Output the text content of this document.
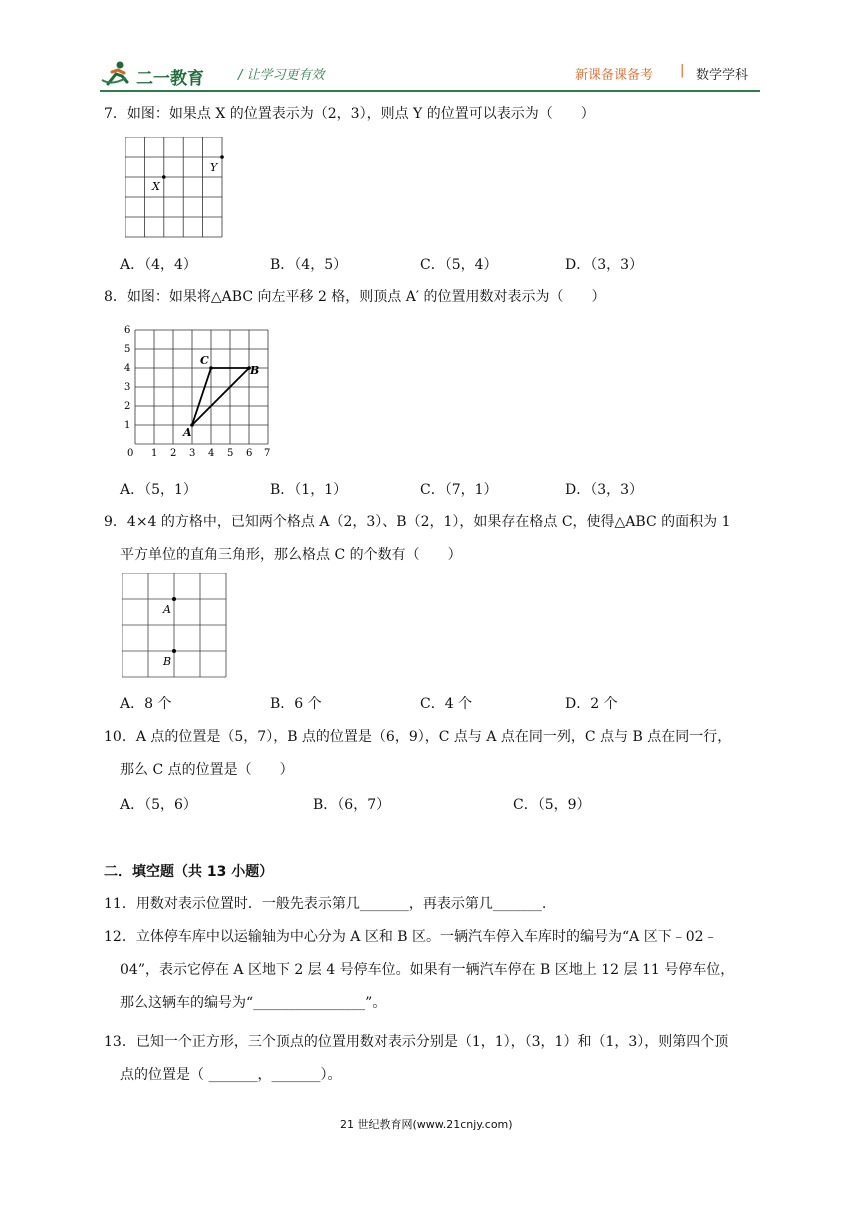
二一教育	/ 让学习更有效	新课备课备考 | 数学学科
7．如图：如果点 X 的位置表示为（2，3），则点 Y 的位置可以表示为（　　）
X
Y
A．（4，4）	B．（4，5）	C．（5，4）	D．（3，3）
8．如图：如果将△ABC 向左平移 2 格，则顶点 A′ 的位置用数对表示为（　　）
6
5
4
3
2
1
0 1 2 3 4 5 6 7
A
C
B
A．（5，1）	B．（1，1）	C．（7，1）	D．（3，3）
9．4×4 的方格中，已知两个格点 A（2，3）、B（2，1），如果存在格点 C，使得△ABC 的面积为 1
平方单位的直角三角形，那么格点 C 的个数有（　　）
A
B
A．8 个	B．6 个	C．4 个	D．2 个
10．A 点的位置是（5，7），B 点的位置是（6，9），C 点与 A 点在同一列，C 点与 B 点在同一行，
那么 C 点的位置是（　　）
A．（5，6）	B．（6，7）	C．（5，9）
二．填空题（共 13 小题）
11．用数对表示位置时．一般先表示第几_______，再表示第几_______.
12．立体停车库中以运输轴为中心分为 A 区和 B 区。一辆汽车停入车库时的编号为“A 区下﹣02﹣
04”，表示它停在 A 区地下 2 层 4 号停车位。如果有一辆汽车停在 B 区地上 12 层 11 号停车位，
那么这辆车的编号为“________________”。
13．已知一个正方形，三个顶点的位置用数对表示分别是（1，1），（3，1）和（1，3），则第四个顶
点的位置是（ _______，_______）。
21 世纪教育网(www.21cnjy.com)
